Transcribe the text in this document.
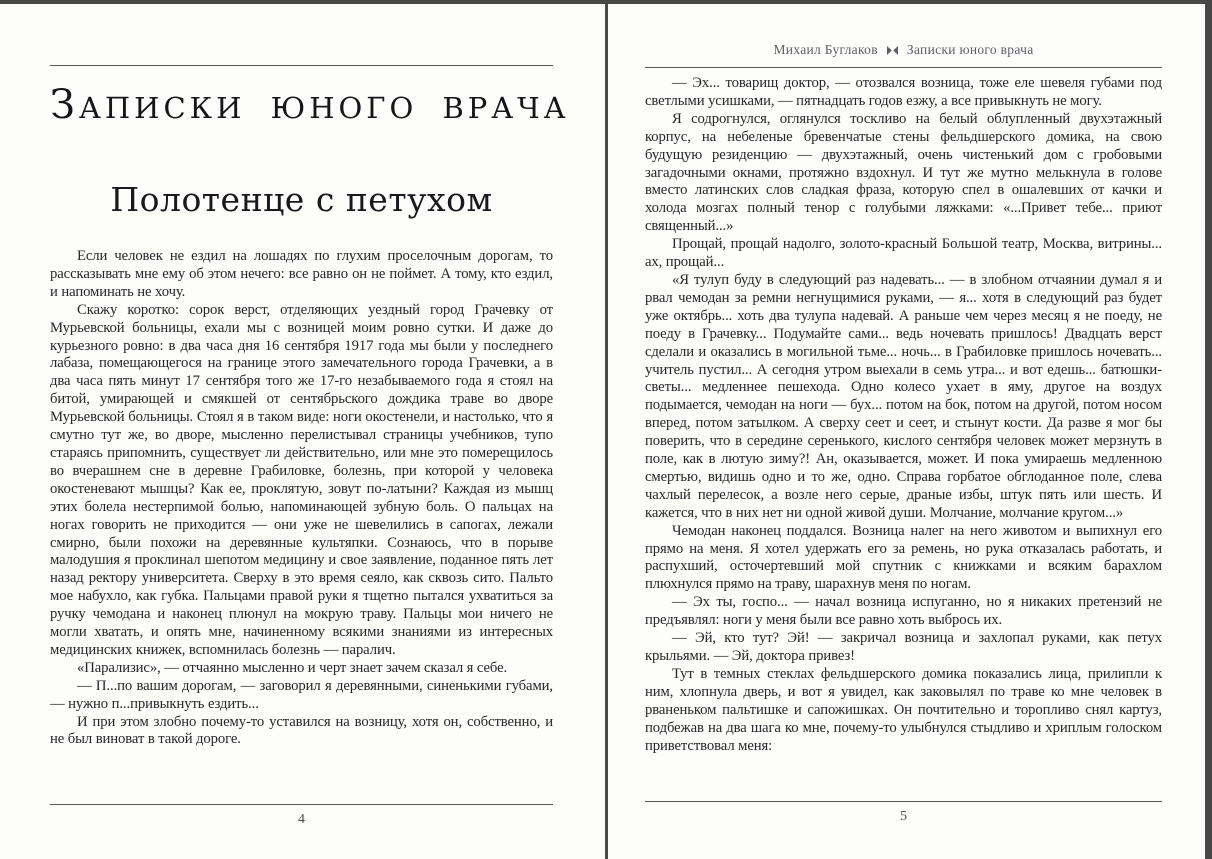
ЗАПИСКИ ЮНОГО ВРАЧА
Полотенце с петухом

Если человек не ездил на лошадях по глухим проселочным дорогам, то рассказывать мне ему об этом нечего: все равно он не поймет. А тому, кто ездил, и напоминать не хочу.

Скажу коротко: сорок верст, отделяющих уездный город Грачевку от Мурьевской больницы, ехали мы с возницей моим ровно сутки. И даже до курьезного ровно: в два часа дня 16 сентября 1917 года мы были у последнего лабаза, помещающегося на границе этого замечательного города Грачевки, а в два часа пять минут 17 сентября того же 17-го незабываемого года я стоял на битой, умирающей и смякшей от сентябрьского дождика траве во дворе Мурьевской больницы. Стоял я в таком виде: ноги окостенели, и настолько, что я смутно тут же, во дворе, мысленно перелистывал страницы учебников, тупо стараясь припомнить, существует ли действительно, или мне это померещилось во вчерашнем сне в деревне Грабиловке, болезнь, при которой у человека окостеневают мышцы? Как ее, проклятую, зовут по-латыни? Каждая из мышц этих болела нестерпимой болью, напоминающей зубную боль. О пальцах на ногах говорить не приходится — они уже не шевелились в сапогах, лежали смирно, были похожи на деревянные культяпки. Сознаюсь, что в порыве малодушия я проклинал шепотом медицину и свое заявление, поданное пять лет назад ректору университета. Сверху в это время сеяло, как сквозь сито. Пальто мое набухло, как губка. Пальцами правой руки я тщетно пытался ухватиться за ручку чемодана и наконец плюнул на мокрую траву. Пальцы мои ничего не могли хватать, и опять мне, начиненному всякими знаниями из интересных медицинских книжек, вспомнилась болезнь — паралич.

«Парализис», — отчаянно мысленно и черт знает зачем сказал я себе.

— П...по вашим дорогам, — заговорил я деревянными, синенькими губами, — нужно п...привыкнуть ездить...

И при этом злобно почему-то уставился на возницу, хотя он, собственно, и не был виноват в такой дороге.

4

Михаил Буглаков Записки юного врача

— Эх... товарищ доктор, — отозвался возница, тоже еле шевеля губами под светлыми усишками, — пятнадцать годов езжу, а все привыкнуть не могу.

Я содрогнулся, оглянулся тоскливо на белый облупленный двухэтажный корпус, на небеленые бревенчатые стены фельдшерского домика, на свою будущую резиденцию — двухэтажный, очень чистенький дом с гробовыми загадочными окнами, протяжно вздохнул. И тут же мутно мелькнула в голове вместо латинских слов сладкая фраза, которую спел в ошалевших от качки и холода мозгах полный тенор с голубыми ляжками: «...Привет тебе... приют священный...»

Прощай, прощай надолго, золото-красный Большой театр, Москва, витрины... ах, прощай...

«Я тулуп буду в следующий раз надевать... — в злобном отчаянии думал я и рвал чемодан за ремни негнущимися руками, — я... хотя в следующий раз будет уже октябрь... хоть два тулупа надевай. А раньше чем через месяц я не поеду, не поеду в Грачевку... Подумайте сами... ведь ночевать пришлось! Двадцать верст сделали и оказались в могильной тьме... ночь... в Грабиловке пришлось ночевать... учитель пустил... А сегодня утром выехали в семь утра... и вот едешь... батюшки-светы... медленнее пешехода. Одно колесо ухает в яму, другое на воздух подымается, чемодан на ноги — бух... потом на бок, потом на другой, потом носом вперед, потом затылком. А сверху сеет и сеет, и стынут кости. Да разве я мог бы поверить, что в середине серенького, кислого сентября человек может мерзнуть в поле, как в лютую зиму?! Ан, оказывается, может. И пока умираешь медленною смертью, видишь одно и то же, одно. Справа горбатое обглоданное поле, слева чахлый перелесок, а возле него серые, драные избы, штук пять или шесть. И кажется, что в них нет ни одной живой души. Молчание, молчание кругом...»

Чемодан наконец поддался. Возница налег на него животом и выпихнул его прямо на меня. Я хотел удержать его за ремень, но рука отказалась работать, и распухший, осточертевший мой спутник с книжками и всяким барахлом плюхнулся прямо на траву, шарахнув меня по ногам.

— Эх ты, госпо... — начал возница испуганно, но я никаких претензий не предъявлял: ноги у меня были все равно хоть выбрось их.

— Эй, кто тут? Эй! — закричал возница и захлопал руками, как петух крыльями. — Эй, доктора привез!

Тут в темных стеклах фельдшерского домика показались лица, прилипли к ним, хлопнула дверь, и вот я увидел, как заковылял по траве ко мне человек в рваненьком пальтишке и сапожишках. Он почтительно и торопливо снял картуз, подбежав на два шага ко мне, почему-то улыбнулся стыдливо и хриплым голоском приветствовал меня:

5
